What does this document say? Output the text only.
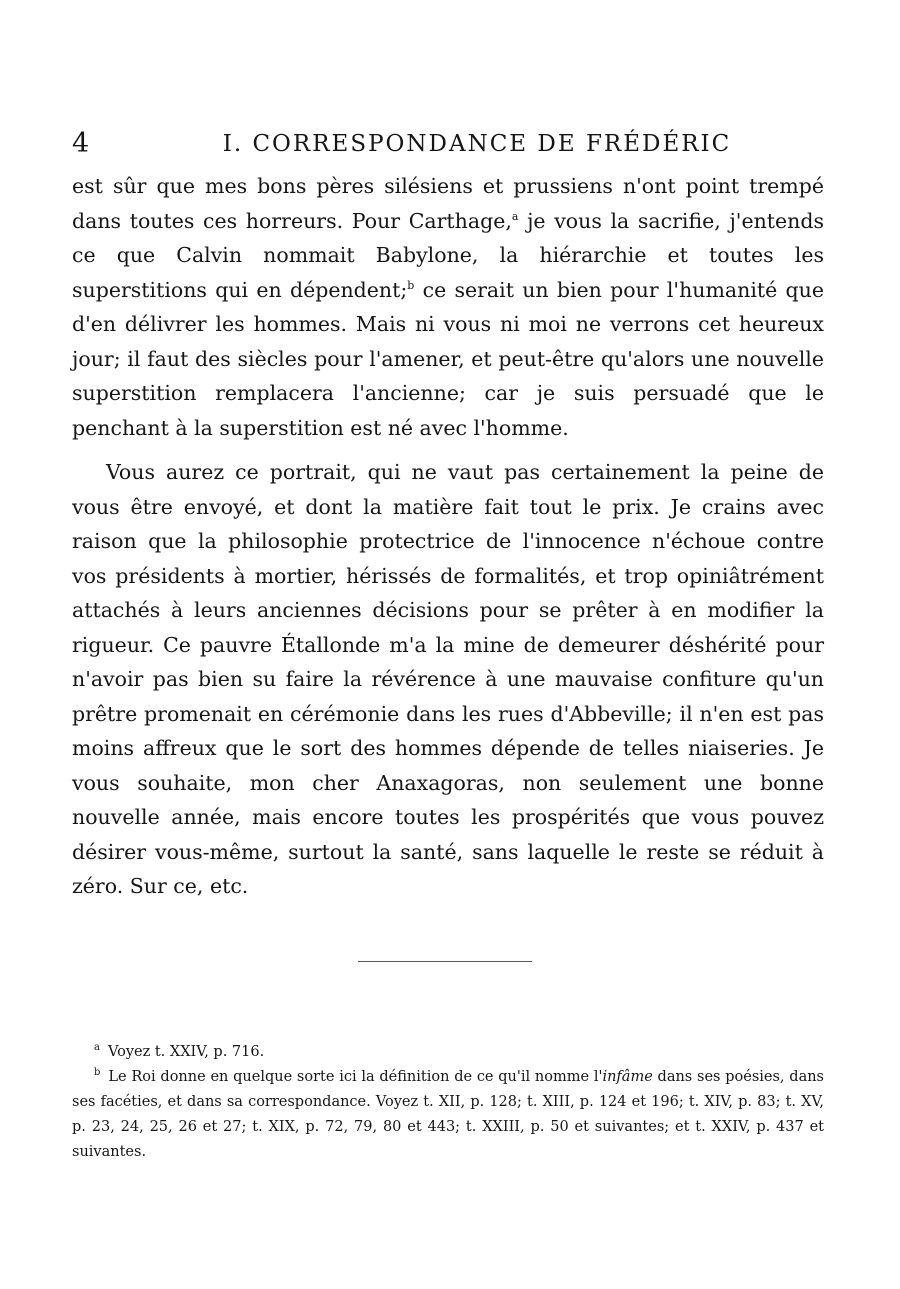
4	I. CORRESPONDANCE DE FRÉDÉRIC

est sûr que mes bons pères silésiens et prussiens n'ont point trempé dans toutes ces horreurs. Pour Carthage,$^a$ je vous la sacrifie, j'entends ce que Calvin nommait Babylone, la hiérarchie et toutes les superstitions qui en dépendent;$^b$ ce serait un bien pour l'humanité que d'en délivrer les hommes. Mais ni vous ni moi ne verrons cet heureux jour; il faut des siècles pour l'amener, et peut-être qu'alors une nouvelle superstition remplacera l'ancienne; car je suis persuadé que le penchant à la superstition est né avec l'homme.

Vous aurez ce portrait, qui ne vaut pas certainement la peine de vous être envoyé, et dont la matière fait tout le prix. Je crains avec raison que la philosophie protectrice de l'innocence n'échoue contre vos présidents à mortier, hérissés de formalités, et trop opiniâtrément attachés à leurs anciennes décisions pour se prêter à en modifier la rigueur. Ce pauvre Étallonde m'a la mine de demeurer déshérité pour n'avoir pas bien su faire la révérence à une mauvaise confiture qu'un prêtre promenait en cérémonie dans les rues d'Abbeville; il n'en est pas moins affreux que le sort des hommes dépende de telles niaiseries. Je vous souhaite, mon cher Anaxagoras, non seulement une bonne nouvelle année, mais encore toutes les prospérités que vous pouvez désirer vous-même, surtout la santé, sans laquelle le reste se réduit à zéro. Sur ce, etc.

$^a$ Voyez t. XXIV, p. 716.

$^b$ Le Roi donne en quelque sorte ici la définition de ce qu'il nomme l'infâme dans ses poésies, dans ses facéties, et dans sa correspondance. Voyez t. XII, p. 128; t. XIII, p. 124 et 196; t. XIV, p. 83; t. XV, p. 23, 24, 25, 26 et 27; t. XIX, p. 72, 79, 80 et 443; t. XXIII, p. 50 et suivantes; et t. XXIV, p. 437 et suivantes.
